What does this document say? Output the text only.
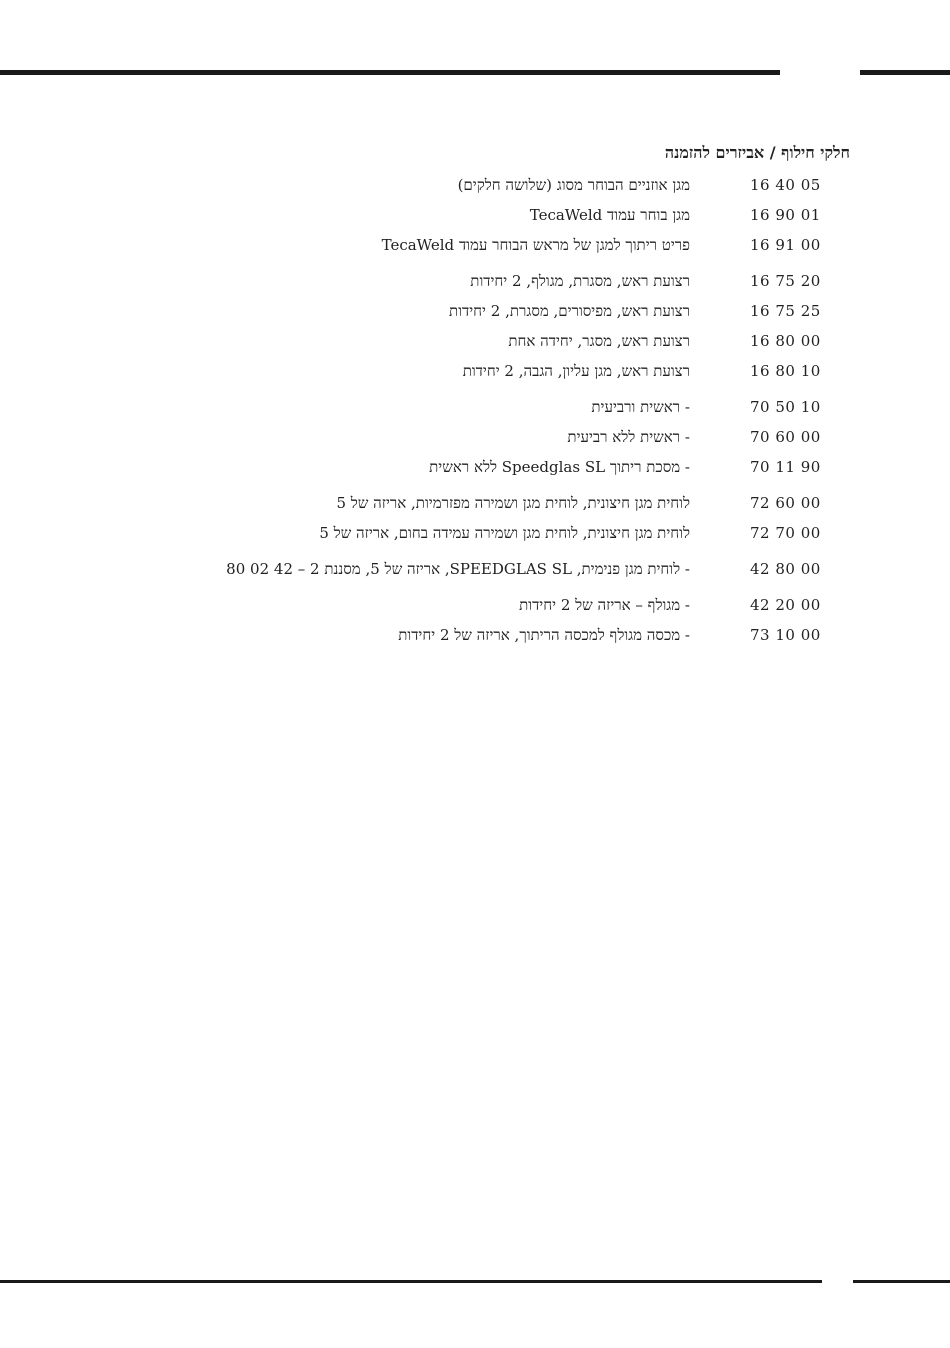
חלקי חילוף / אביזרים להזמנה
16 40 05
מגן אוזניים הבוחר מסוג (שלושה חלקים)
16 90 01
מגן בוחר עמוד TecaWeld
16 91 00
פריט ריתוך למגן של מראש הבוחר עמוד TecaWeld
16 75 20
רצועת ראש, מסגרת, מגולף, 2 יחידות
16 75 25
רצועת ראש, מפיסורים, מסגרת, 2 יחידות
16 80 00
רצועת ראש, מסגר, יחידה אחת
16 80 10
רצועת ראש, מגן עליון, הגבה, 2 יחידות
70 50 10
- ראשית ורביעית
70 60 00
- ראשית ללא רביעית
70 11 90
- מסכת ריתוך Speedglas SL ללא ראשית
72 60 00
לוחית מגן חיצונית, לוחית מגן ושמירה מפזרמיות, אריזה של 5
72 70 00
לוחית מגן חיצונית, לוחית מגן ושמירה עמידה בחום, אריזה של 5
42 80 00
- לוחית מגן פנימית, SPEEDGLAS SL, אריזה של 5, מסננת 2 – 42 02 80
42 20 00
- מגולף – אריזה של 2 יחידות
73 10 00
- מכסה מגולף למכסה הריתוך, אריזה של 2 יחידות
